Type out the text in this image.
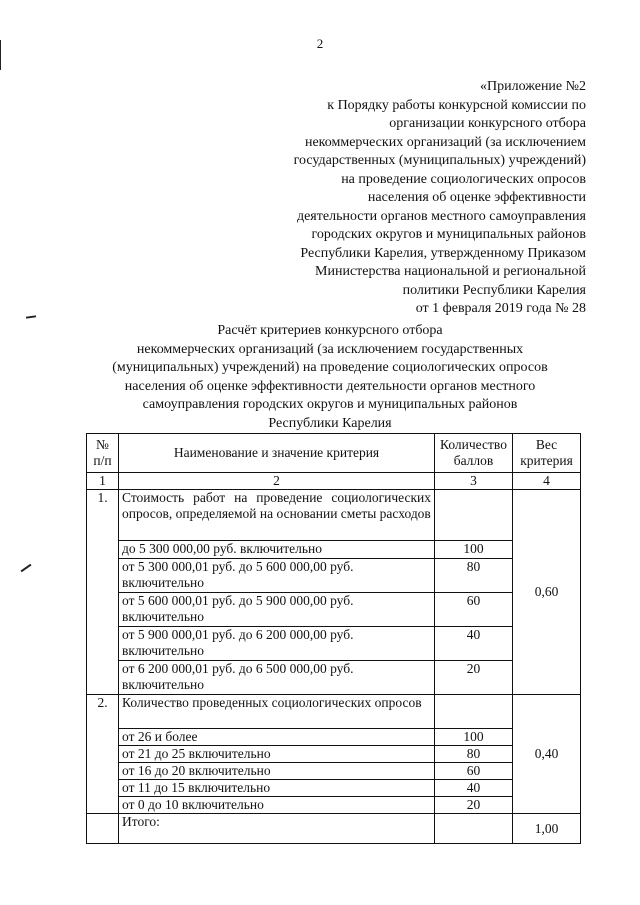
2
«Приложение №2
к Порядку работы конкурсной комиссии по
организации конкурсного отбора
некоммерческих организаций (за исключением
государственных (муниципальных) учреждений)
на проведение социологических опросов
населения об оценке эффективности
деятельности органов местного самоуправления
городских округов и муниципальных районов
Республики Карелия, утвержденному Приказом
Министерства национальной и региональной
политики Республики Карелия
от 1 февраля 2019 года № 28
Расчёт критериев конкурсного отбора
некоммерческих организаций (за исключением государственных
(муниципальных) учреждений) на проведение социологических опросов
населения об оценке эффективности деятельности органов местного
самоуправления городских округов и муниципальных районов
Республики Карелия
№ п/п	Наименование и значение критерия	Количество баллов	Вес критерия
1	2	3	4
1.	Стоимость работ на проведение социологических опросов, определяемой на основании сметы расходов		0,60
	до 5 300 000,00 руб. включительно	100	
	от 5 300 000,01 руб. до 5 600 000,00 руб. включительно	80	
	от 5 600 000,01 руб. до 5 900 000,00 руб. включительно	60	
	от 5 900 000,01 руб. до 6 200 000,00 руб. включительно	40	
	от 6 200 000,01 руб. до 6 500 000,00 руб. включительно	20	
2.	Количество проведенных социологических опросов		0,40
	от 26 и более	100	
	от 21 до 25 включительно	80	
	от 16 до 20 включительно	60	
	от 11 до 15 включительно	40	
	от 0 до 10 включительно	20	
	Итого:		1,00
